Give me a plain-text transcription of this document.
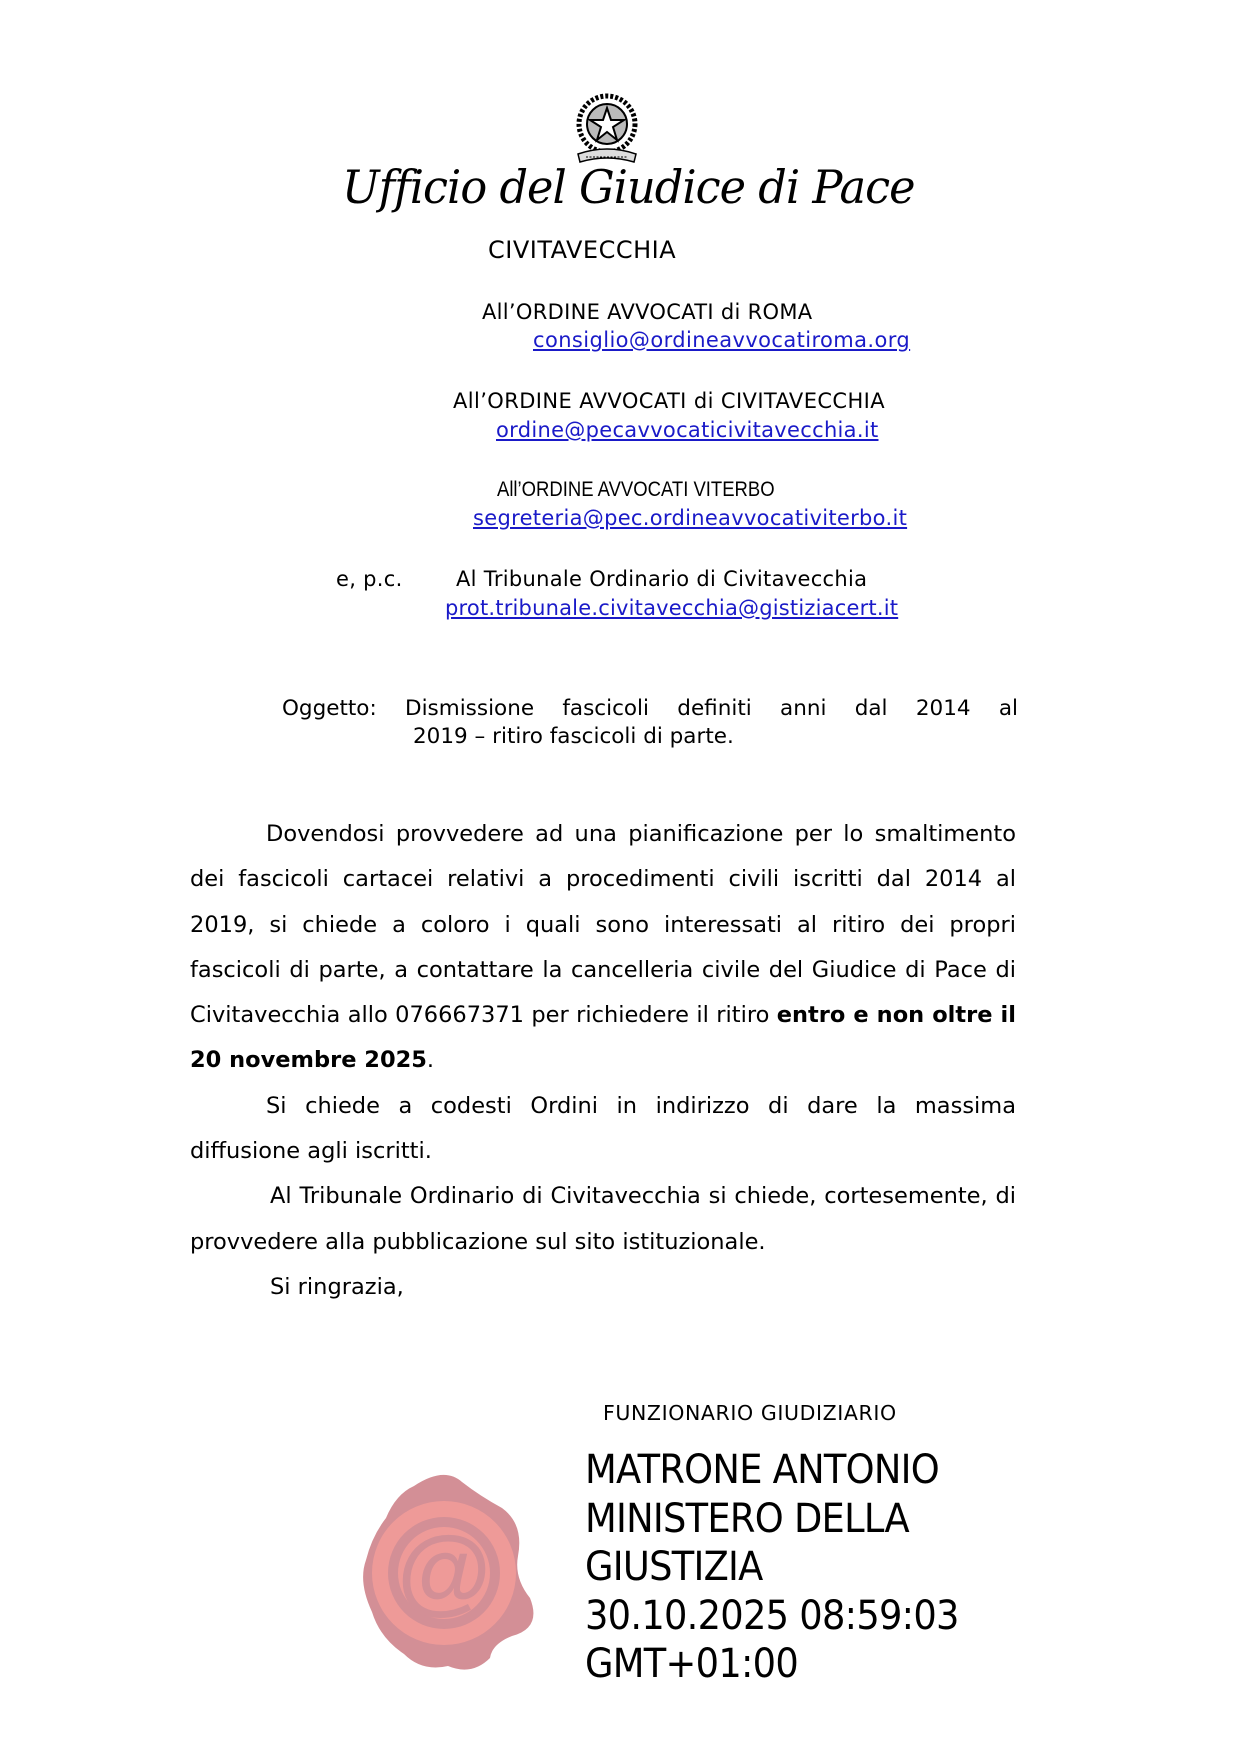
Ufficio del Giudice di Pace
CIVITAVECCHIA
All’ORDINE AVVOCATI di ROMA
consiglio@ordineavvocatiroma.org
All’ORDINE AVVOCATI di CIVITAVECCHIA
ordine@pecavvocaticivitavecchia.it
All’ORDINE AVVOCATI VITERBO
segreteria@pec.ordineavvocativiterbo.it
e, p.c.	Al Tribunale Ordinario di Civitavecchia
prot.tribunale.civitavecchia@gistiziacert.it
Oggetto: Dismissione fascicoli definiti anni dal 2014 al
2019 – ritiro fascicoli di parte.

Dovendosi provvedere ad una pianificazione per lo smaltimento dei fascicoli cartacei relativi a procedimenti civili iscritti dal 2014 al 2019, si chiede a coloro i quali sono interessati al ritiro dei propri fascicoli di parte, a contattare la cancelleria civile del Giudice di Pace di Civitavecchia allo 076667371 per richiedere il ritiro entro e non oltre il 20 novembre 2025.

Si chiede a codesti Ordini in indirizzo di dare la massima diffusione agli iscritti.

Al Tribunale Ordinario di Civitavecchia si chiede, cortesemente, di provvedere alla pubblicazione sul sito istituzionale.

Si ringrazia,

FUNZIONARIO GIUDIZIARIO
@
MATRONE ANTONIO
MINISTERO DELLA
GIUSTIZIA
30.10.2025 08:59:03
GMT+01:00
